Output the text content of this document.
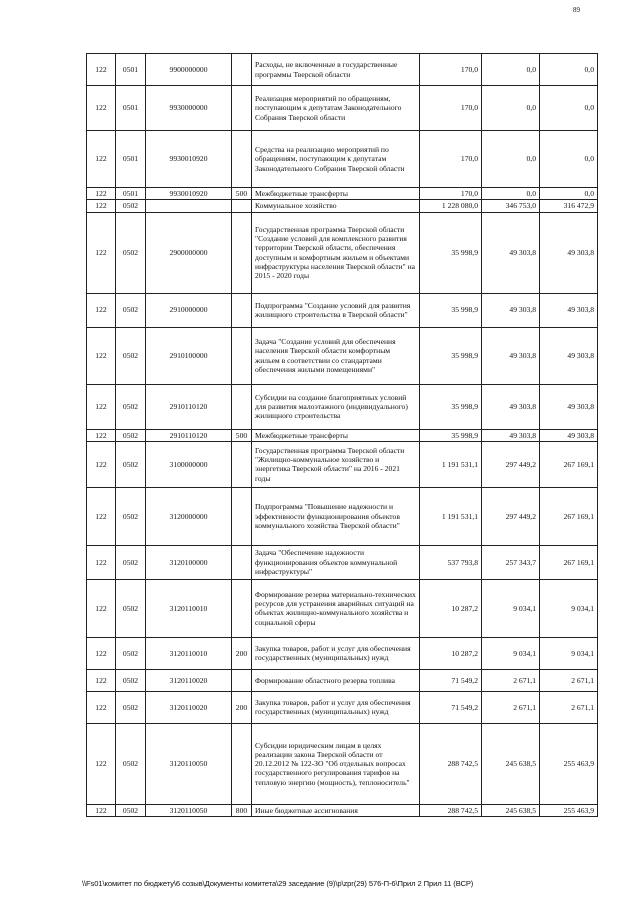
89
122	0501	9900000000		Расходы, не включенные в государственные программы Тверской области	170,0	0,0	0,0
122	0501	9930000000		Реализация мероприятий по обращениям, поступающим к депутатам Законодательного Собрания Тверской области	170,0	0,0	0,0
122	0501	9930010920		Средства на реализацию мероприятий по обращениям, поступающим к депутатам Законодательного Собрания Тверской области	170,0	0,0	0,0
122	0501	9930010920	500	Межбюджетные трансферты	170,0	0,0	0,0
122	0502			Коммунальное хозяйство	1 228 080,0	346 753,0	316 472,9
122	0502	2900000000		Государственная программа Тверской области "Создание условий для комплексного развития территории Тверской области, обеспечения доступным и комфортным жильем и объектами инфраструктуры населения Тверской области" на 2015 - 2020 годы	35 998,9	49 303,8	49 303,8
122	0502	2910000000		Подпрограмма "Создание условий для развития жилищного строительства в Тверской области"	35 998,9	49 303,8	49 303,8
122	0502	2910100000		Задача "Создание условий для обеспечения населения Тверской области комфортным жильем в соответствии со стандартами обеспечения жилыми помещениями"	35 998,9	49 303,8	49 303,8
122	0502	2910110120		Субсидии на создание благоприятных условий для развития малоэтажного (индивидуального) жилищного строительства	35 998,9	49 303,8	49 303,8
122	0502	2910110120	500	Межбюджетные трансферты	35 998,9	49 303,8	49 303,8
122	0502	3100000000		Государственная программа Тверской области "Жилищно-коммунальное хозяйство и энергетика Тверской области" на 2016 - 2021 годы	1 191 531,1	297 449,2	267 169,1
122	0502	3120000000		Подпрограмма "Повышение надежности и эффективности функционирования объектов коммунального хозяйства Тверской области"	1 191 531,1	297 449,2	267 169,1
122	0502	3120100000		Задача "Обеспечение надежности функционирования объектов коммунальной инфраструктуры"	537 793,8	257 343,7	267 169,1
122	0502	3120110010		Формирование резерва материально-технических ресурсов для устранения аварийных ситуаций на объектах жилищно-коммунального хозяйства и социальной сферы	10 287,2	9 034,1	9 034,1
122	0502	3120110010	200	Закупка товаров, работ и услуг для обеспечения государственных (муниципальных) нужд	10 287,2	9 034,1	9 034,1
122	0502	3120110020		Формирование областного резерва топлива	71 549,2	2 671,1	2 671,1
122	0502	3120110020	200	Закупка товаров, работ и услуг для обеспечения государственных (муниципальных) нужд	71 549,2	2 671,1	2 671,1
122	0502	3120110050		Субсидии юридическим лицам в целях реализации закона Тверской области от 20.12.2012 № 122-ЗО "Об отдельных вопросах государственного регулирования тарифов на тепловую энергию (мощность), теплоноситель"	288 742,5	245 638,5	255 463,9
122	0502	3120110050	800	Иные бюджетные ассигнования	288 742,5	245 638,5	255 463,9
\\Fs01\комитет по бюджету\6 созыв\Документы комитета\29 заседание (9)\р\zpr(29) 576-П-6\Прил 2 Прил 11 (ВСР)
